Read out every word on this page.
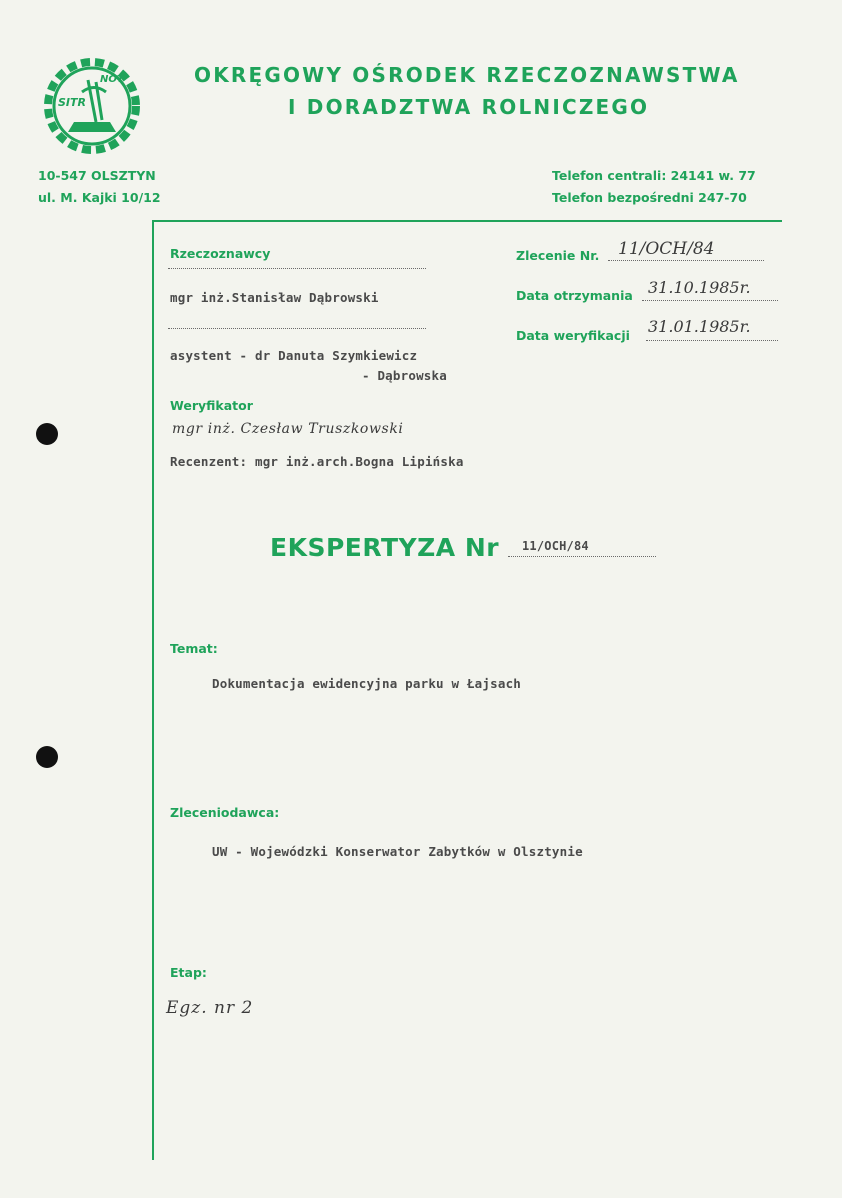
SITR
NOT	OKRĘGOWY OŚRODEK RZECZOZNAWSTWA
I DORADZTWA ROLNICZEGO
10-547 OLSZTYN
ul. M. Kajki 10/12
Telefon centrali: 24141 w. 77
Telefon bezpośredni 247-70
Rzeczoznawcy
mgr inż.Stanisław Dąbrowski
asystent - dr Danuta Szymkiewicz
- Dąbrowska
Zlecenie Nr. 11/OCH/84
Data otrzymania 31.10.1985r.
Data weryfikacji 31.01.1985r.
Weryfikator
mgr inż. Czesław Truszkowski
Recenzent: mgr inż.arch.Bogna Lipińska
EKSPERTYZA Nr 11/OCH/84
Temat:
Dokumentacja ewidencyjna parku w Łajsach
Zleceniodawca:
UW - Wojewódzki Konserwator Zabytków w Olsztynie
Etap:
Egz. nr 2
